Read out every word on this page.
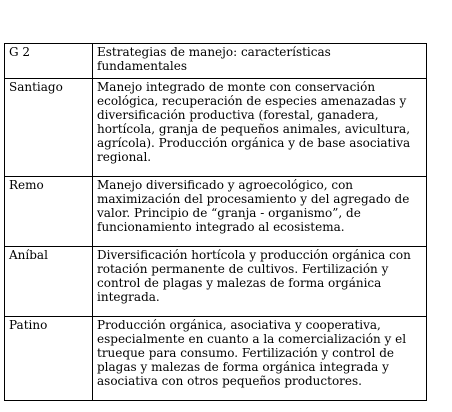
G 2	Estrategias de manejo: características fundamentales
Santiago	Manejo integrado de monte con conservación ecológica, recuperación de especies amenazadas y diversificación productiva (forestal, ganadera, hortícola, granja de pequeños animales, avicultura, agrícola). Producción orgánica y de base asociativa regional.
Remo	Manejo diversificado y agroecológico, con maximización del procesamiento y del agregado de valor. Principio de “granja - organismo”, de funcionamiento integrado al ecosistema.
Aníbal	Diversificación hortícola y producción orgánica con rotación permanente de cultivos. Fertilización y control de plagas y malezas de forma orgánica integrada.
Patino	Producción orgánica, asociativa y cooperativa, especialmente en cuanto a la comercialización y el trueque para consumo. Fertilización y control de plagas y malezas de forma orgánica integrada y asociativa con otros pequeños productores.
